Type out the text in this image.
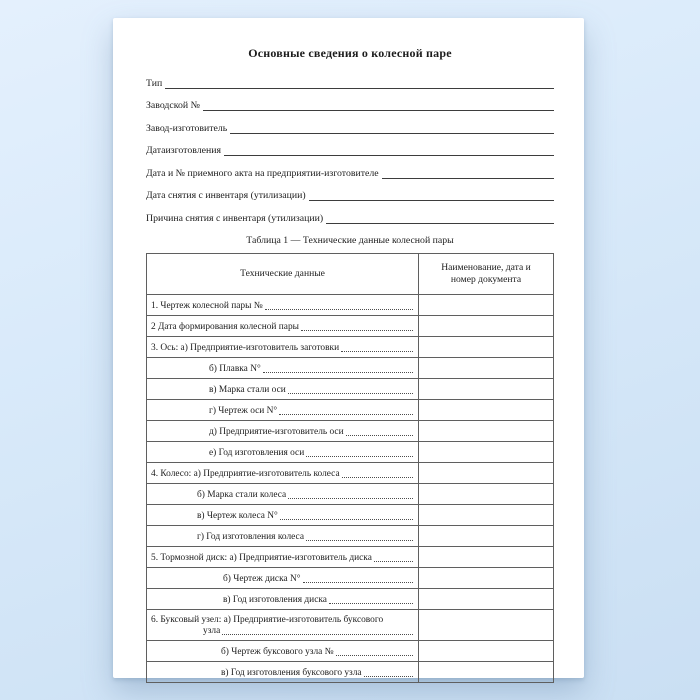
Основные сведения о колесной паре
Тип
Заводской №
Завод-изготовитель
Датаизготовления
Дата и № приемного акта на предприятии-изготовителе
Дата снятия с инвентаря (утилизации)
Причина снятия с инвентаря (утилизации)
Таблица 1 — Технические данные колесной пары
Технические данные	Наименование, дата и номер документа

1. Чертеж колесной пары №	

2 Дата формирования колесной пары	

3. Ось: а) Предприятие-изготовитель заготовки	

б) Плавка N°	

в) Марка стали оси	

г) Чертеж оси N°	

д) Предприятие-изготовитель оси	

е) Год изготовления оси	

4. Колесо: а) Предприятие-изготовитель колеса	

б) Марка стали колеса	

в) Чертеж колеса N°	

г) Год изготовления колеса	

5. Тормозной диск: а) Предприятие-изготовитель диска	

б) Чертеж диска N°	

в) Год изготовления диска	

6. Буксовый узел: а) Предприятие-изготовитель буксового
узла	

б) Чертеж буксового узла №	

в) Год изготовления буксового узла	
